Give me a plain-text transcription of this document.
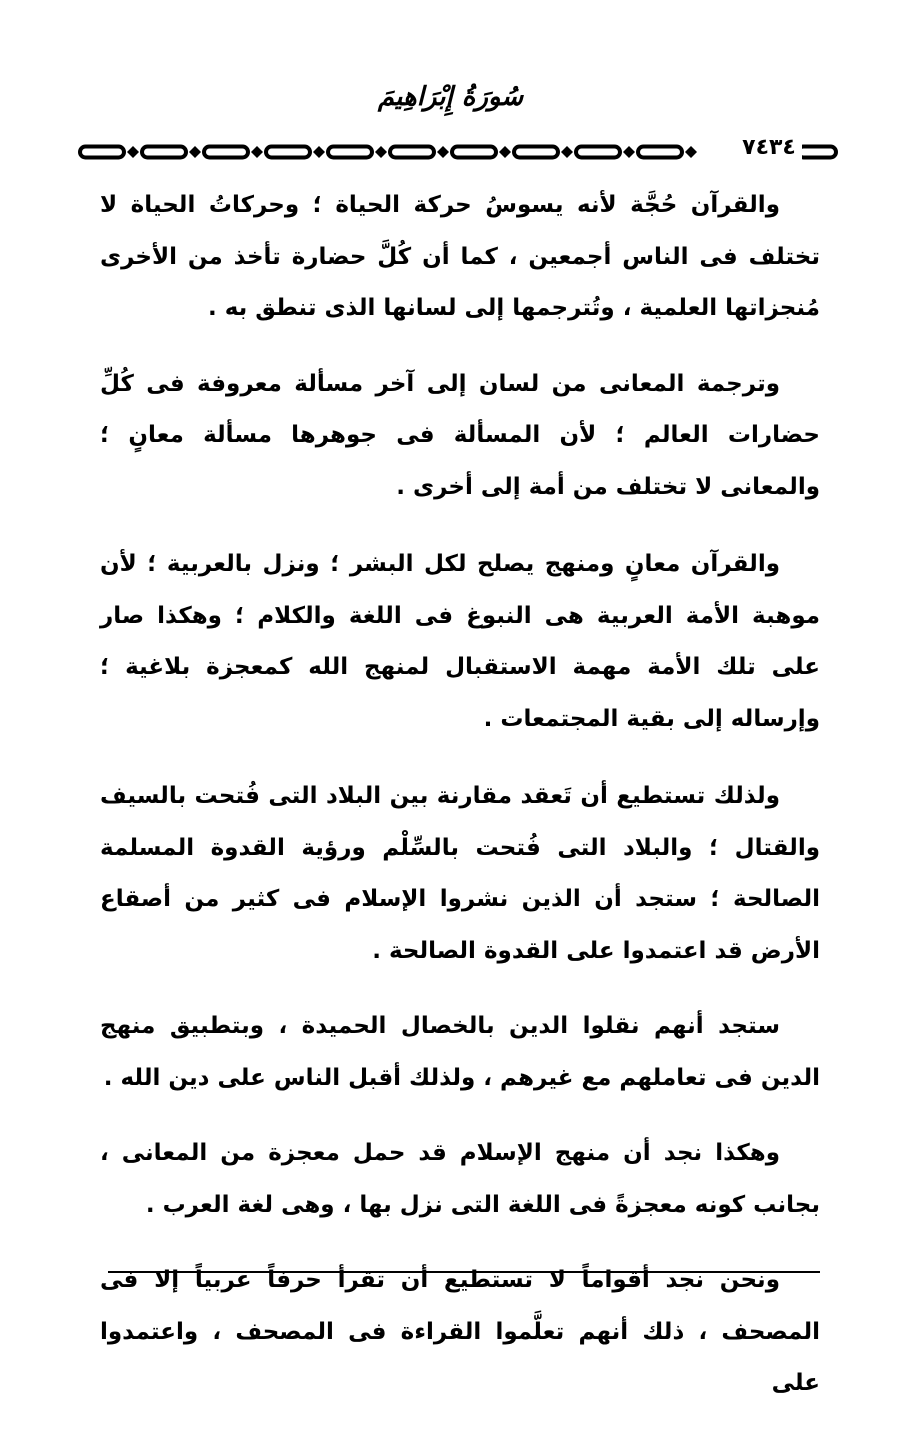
سُورَةُ إِبْرَاهِيمَ
٧٤٣٤

والقرآن حُجَّة لأنه يسوسُ حركة الحياة ؛ وحركاتُ الحياة لا تختلف فى الناس أجمعين ، كما أن كُلَّ حضارة تأخذ من الأخرى مُنجزاتها العلمية ، وتُترجمها إلى لسانها الذى تنطق به .

وترجمة المعانى من لسان إلى آخر مسألة معروفة فى كُلِّ حضارات العالم ؛ لأن المسألة فى جوهرها مسألة معانٍ ؛ والمعانى لا تختلف من أمة إلى أخرى .

والقرآن معانٍ ومنهج يصلح لكل البشر ؛ ونزل بالعربية ؛ لأن موهبة الأمة العربية هى النبوغ فى اللغة والكلام ؛ وهكذا صار على تلك الأمة مهمة الاستقبال لمنهج الله كمعجزة بلاغية ؛ وإرساله إلى بقية المجتمعات .

ولذلك تستطيع أن تَعقد مقارنة بين البلاد التى فُتحت بالسيف والقتال ؛ والبلاد التى فُتحت بالسِّلْم ورؤية القدوة المسلمة الصالحة ؛ ستجد أن الذين نشروا الإسلام فى كثير من أصقاع الأرض قد اعتمدوا على القدوة الصالحة .

ستجد أنهم نقلوا الدين بالخصال الحميدة ، وبتطبيق منهج الدين فى تعاملهم مع غيرهم ، ولذلك أقبل الناس على دين الله .

وهكذا نجد أن منهج الإسلام قد حمل معجزة من المعانى ، بجانب كونه معجزةً فى اللغة التى نزل بها ، وهى لغة العرب .

ونحن نجد أقواماً لا تستطيع أن تقرأ حرفاً عربياً إلا فى المصحف ، ذلك أنهم تعلَّموا القراءة فى المصحف ، واعتمدوا على
